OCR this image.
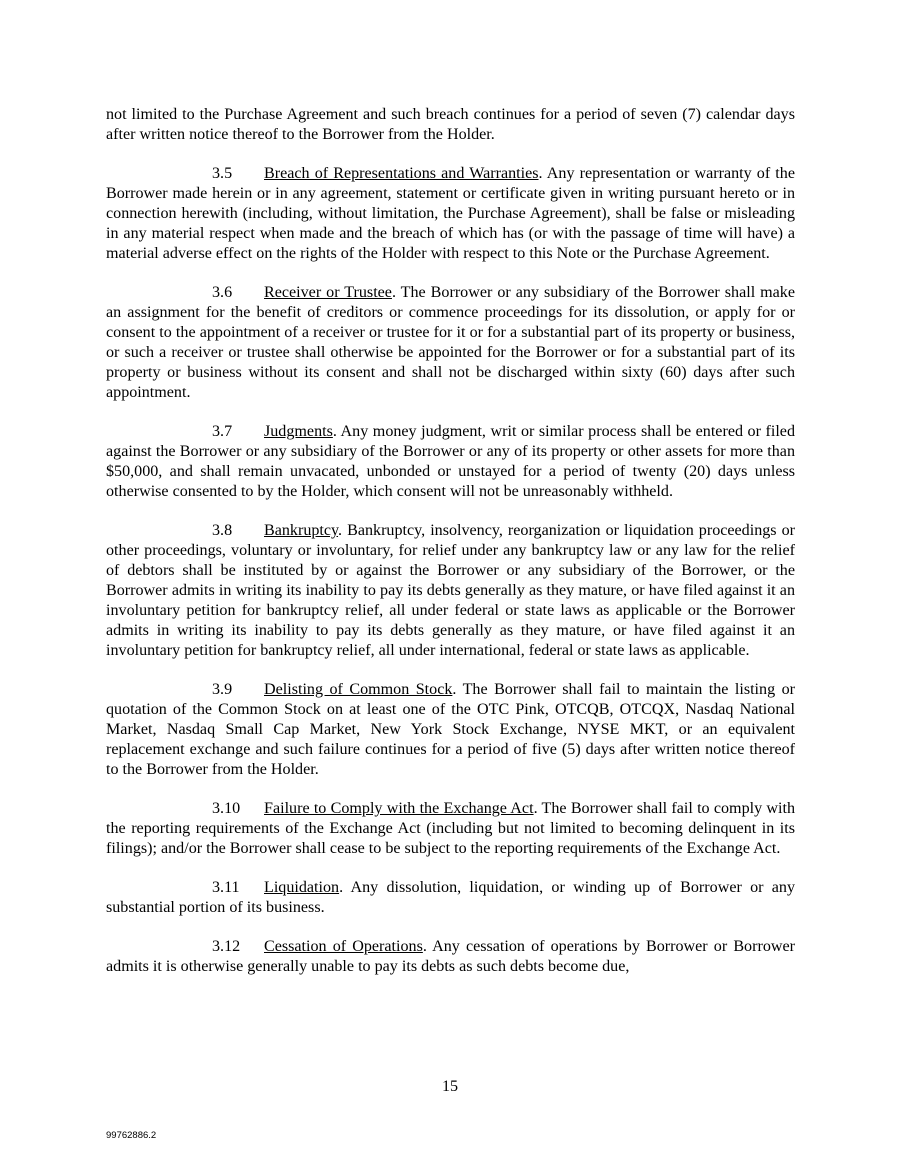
not limited to the Purchase Agreement and such breach continues for a period of seven (7) calendar days after written notice thereof to the Borrower from the Holder.

3.5 Breach of Representations and Warranties. Any representation or warranty of the Borrower made herein or in any agreement, statement or certificate given in writing pursuant hereto or in connection herewith (including, without limitation, the Purchase Agreement), shall be false or misleading in any material respect when made and the breach of which has (or with the passage of time will have) a material adverse effect on the rights of the Holder with respect to this Note or the Purchase Agreement.

3.6 Receiver or Trustee. The Borrower or any subsidiary of the Borrower shall make an assignment for the benefit of creditors or commence proceedings for its dissolution, or apply for or consent to the appointment of a receiver or trustee for it or for a substantial part of its property or business, or such a receiver or trustee shall otherwise be appointed for the Borrower or for a substantial part of its property or business without its consent and shall not be discharged within sixty (60) days after such appointment.

3.7 Judgments. Any money judgment, writ or similar process shall be entered or filed against the Borrower or any subsidiary of the Borrower or any of its property or other assets for more than $50,000, and shall remain unvacated, unbonded or unstayed for a period of twenty (20) days unless otherwise consented to by the Holder, which consent will not be unreasonably withheld.

3.8 Bankruptcy. Bankruptcy, insolvency, reorganization or liquidation proceedings or other proceedings, voluntary or involuntary, for relief under any bankruptcy law or any law for the relief of debtors shall be instituted by or against the Borrower or any subsidiary of the Borrower, or the Borrower admits in writing its inability to pay its debts generally as they mature, or have filed against it an involuntary petition for bankruptcy relief, all under federal or state laws as applicable or the Borrower admits in writing its inability to pay its debts generally as they mature, or have filed against it an involuntary petition for bankruptcy relief, all under international, federal or state laws as applicable.

3.9 Delisting of Common Stock. The Borrower shall fail to maintain the listing or quotation of the Common Stock on at least one of the OTC Pink, OTCQB, OTCQX, Nasdaq National Market, Nasdaq Small Cap Market, New York Stock Exchange, NYSE MKT, or an equivalent replacement exchange and such failure continues for a period of five (5) days after written notice thereof to the Borrower from the Holder.

3.10 Failure to Comply with the Exchange Act. The Borrower shall fail to comply with the reporting requirements of the Exchange Act (including but not limited to becoming delinquent in its filings); and/or the Borrower shall cease to be subject to the reporting requirements of the Exchange Act.

3.11 Liquidation. Any dissolution, liquidation, or winding up of Borrower or any substantial portion of its business.

3.12 Cessation of Operations. Any cessation of operations by Borrower or Borrower admits it is otherwise generally unable to pay its debts as such debts become due,

15
99762886.2
